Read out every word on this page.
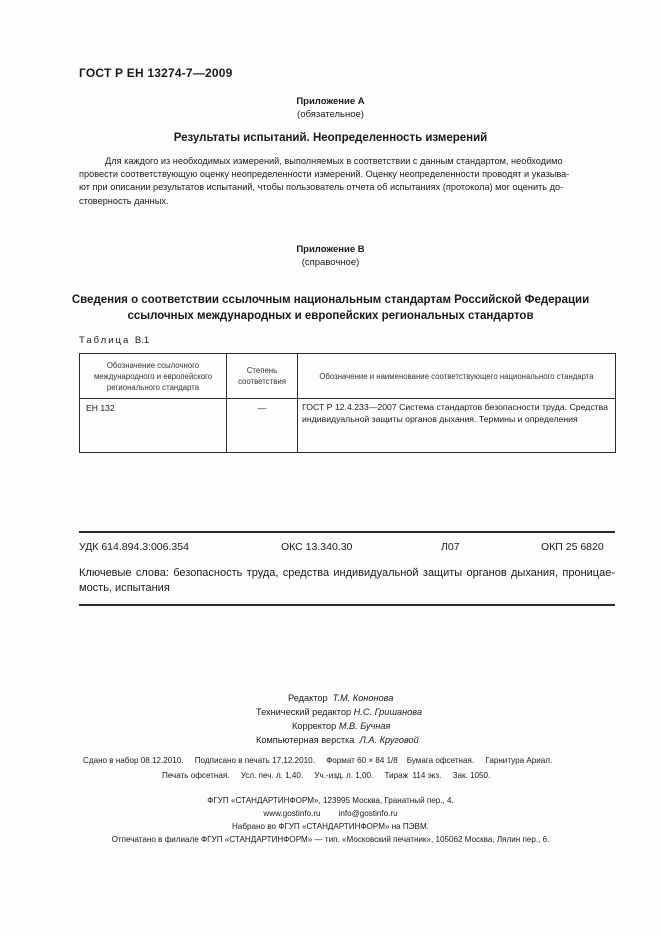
ГОСТ Р ЕН 13274-7—2009
Приложение А
(обязательное)
Результаты испытаний. Неопределенность измерений
Для каждого из необходимых измерений, выполняемых в соответствии с данным стандартом, необходимо
провести соответствующую оценку неопределенности измерений. Оценку неопределенности проводят и указыва-
ют при описании результатов испытаний, чтобы пользователь отчета об испытаниях (протокола) мог оценить до-
стоверность данных.
Приложение В
(справочное)
Сведения о соответствии ссылочным национальным стандартам Российской Федерации
ссылочных международных и европейских региональных стандартов
Таблица В.1
Обозначение ссылочного международного и европейского регионального стандарта	Степень соответствия	Обозначение и наименование соответствующего национального стандарта
ЕН 132	—	ГОСТ Р 12.4.233—2007 Система стандартов безопасности труда. Средства индивидуальной защиты органов дыхания. Термины и определения
УДК 614.894.3:006.354	ОКС 13.340.30	Л07	ОКП 25 6820
Ключевые слова: безопасность труда, средства индивидуальной защиты органов дыхания, проницае-
мость, испытания
Редактор Т.М. Кононова
Технический редактор Н.С. Гришанова
Корректор М.В. Бучная
Компьютерная верстка Л.А. Круговой
Сдано в набор 08.12.2010.     Подписано в печать 17.12.2010.     Формат 60 × 84 1/8 Бумага офсетная.     Гарнитура Ариал.
Печать офсетная.     Усл. печ. л. 1,40.     Уч.-изд. л. 1,00.     Тираж  114 экз.     Зак. 1050.
ФГУП «СТАНДАРТИНФОРМ», 123995 Москва, Гранатный пер., 4.
www.gostinfo.ru info@gostinfo.ru
Набрано во ФГУП «СТАНДАРТИНФОРМ» на ПЭВМ.
Отпечатано в филиале ФГУП «СТАНДАРТИНФОРМ» — тип. «Московский печатник», 105062 Москва, Лялин пер., 6.
